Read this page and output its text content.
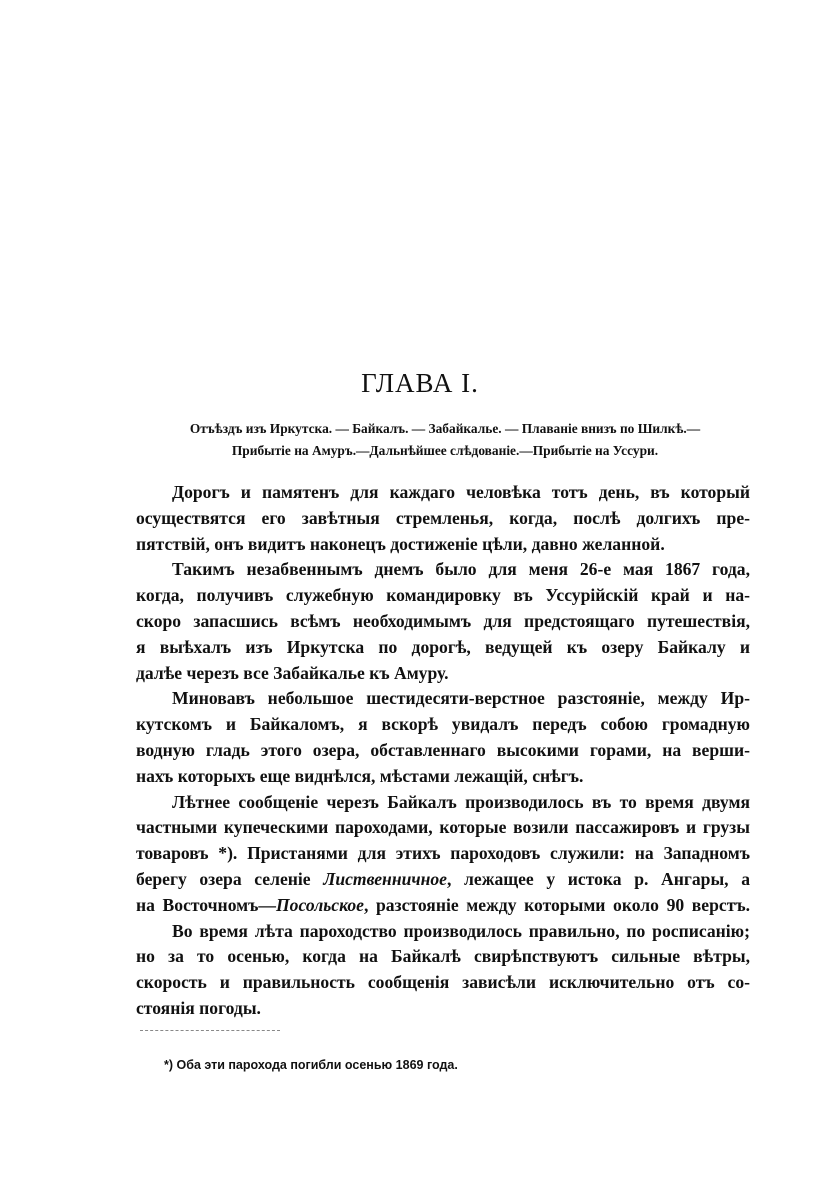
ГЛАВА I.
Отъѣздъ изъ Иркутска. — Байкалъ. — Забайкалье. — Плаваніе внизъ по Шилкѣ.—
Прибытіе на Амуръ.—Дальнѣйшее слѣдованіе.—Прибытіе на Уссури.
Дорогъ и памятенъ для каждаго человѣка тотъ день, въ который
осуществятся его завѣтныя стремленья, когда, послѣ долгихъ пре-
пятствій, онъ видитъ наконецъ достиженіе цѣли, давно желанной.
Такимъ незабвеннымъ днемъ было для меня 26-е мая 1867 года,
когда, получивъ служебную командировку въ Уссурійскій край и на-
скоро запасшись всѣмъ необходимымъ для предстоящаго путешествія,
я выѣхалъ изъ Иркутска по дорогѣ, ведущей къ озеру Байкалу и
далѣе черезъ все Забайкалье къ Амуру.
Миновавъ небольшое шестидесяти-верстное разстояніе, между Ир-
кутскомъ и Байкаломъ, я вскорѣ увидалъ передъ собою громадную
водную гладь этого озера, обставленнаго высокими горами, на верши-
нахъ которыхъ еще виднѣлся, мѣстами лежащій, снѣгъ.
Лѣтнее сообщеніе черезъ Байкалъ производилось въ то время двумя
частными купеческими пароходами, которые возили пассажировъ и грузы
товаровъ *). Пристанями для этихъ пароходовъ служили: на Западномъ
берегу озера селеніе Лиственничное, лежащее у истока р. Ангары, а
на Восточномъ—Посольское, разстояніе между которыми около 90 верстъ.
Во время лѣта пароходство производилось правильно, по росписанію;
но за то осенью, когда на Байкалѣ свирѣпствуютъ сильные вѣтры,
скорость и правильность сообщенія зависѣли исключительно отъ со-
стоянія погоды.
*) Оба эти парохода погибли осенью 1869 года.
